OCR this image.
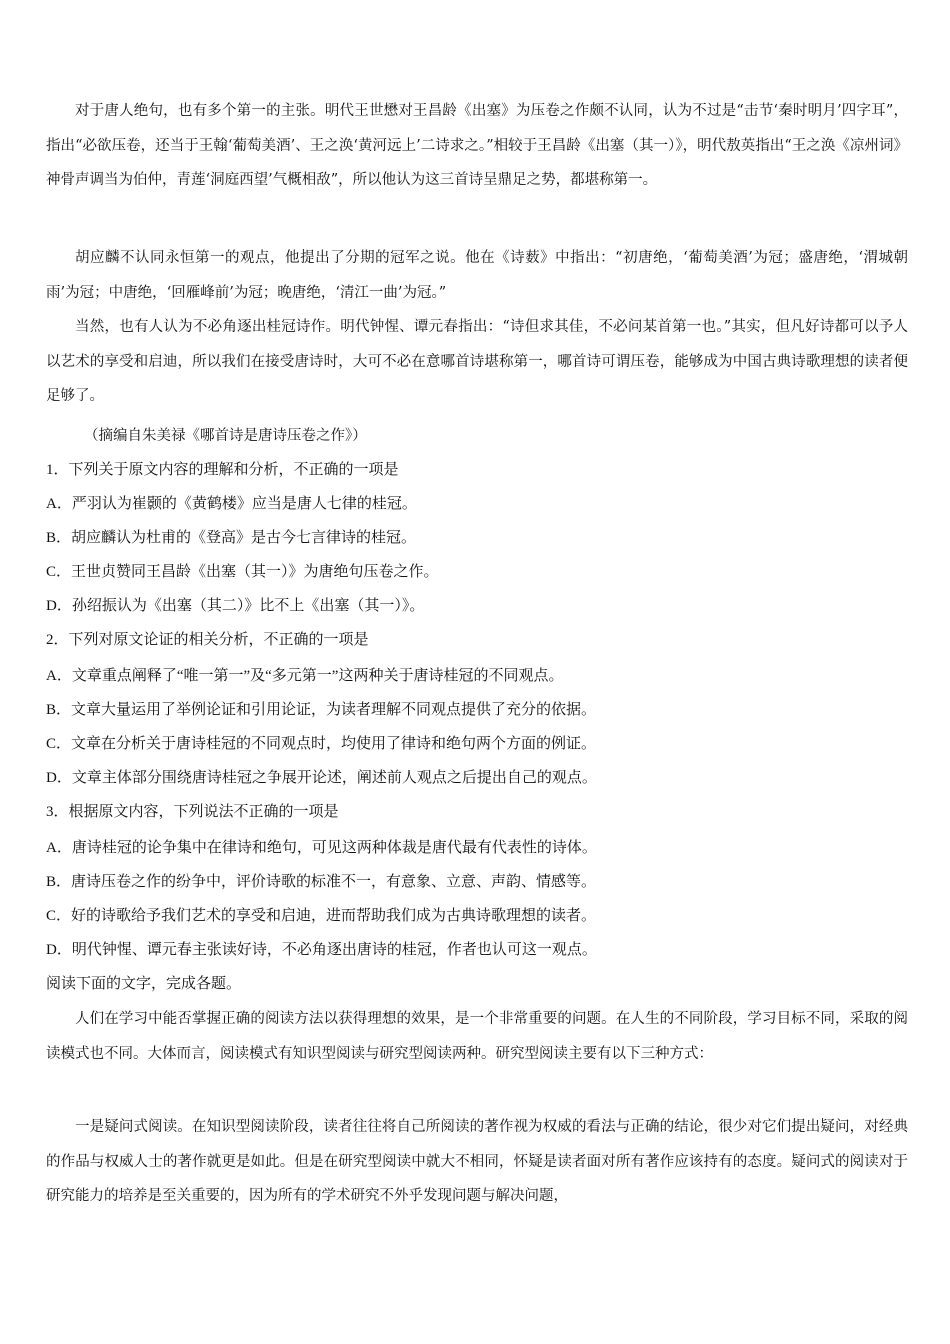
对于唐人绝句，也有多个第一的主张。明代王世懋对王昌龄《出塞》为压卷之作颇不认同，认为不过是“击节‘秦时明月’四字耳”，指出“必欲压卷，还当于王翰‘葡萄美酒’、王之涣‘黄河远上’二诗求之。”相较于王昌龄《出塞（其一）》，明代敖英指出“王之涣《凉州词》神骨声调当为伯仲，青莲‘洞庭西望’气概相敌”，所以他认为这三首诗呈鼎足之势，都堪称第一。

胡应麟不认同永恒第一的观点，他提出了分期的冠军之说。他在《诗薮》中指出：“初唐绝，‘葡萄美酒’为冠；盛唐绝，‘渭城朝雨’为冠；中唐绝，‘回雁峰前’为冠；晚唐绝，‘清江一曲’为冠。”

当然，也有人认为不必角逐出桂冠诗作。明代钟惺、谭元春指出：“诗但求其佳，不必问某首第一也。”其实，但凡好诗都可以予人以艺术的享受和启迪，所以我们在接受唐诗时，大可不必在意哪首诗堪称第一，哪首诗可谓压卷，能够成为中国古典诗歌理想的读者便足够了。

（摘编自朱美禄《哪首诗是唐诗压卷之作》）

1．下列关于原文内容的理解和分析，不正确的一项是

A．严羽认为崔颢的《黄鹤楼》应当是唐人七律的桂冠。

B．胡应麟认为杜甫的《登高》是古今七言律诗的桂冠。

C．王世贞赞同王昌龄《出塞（其一）》为唐绝句压卷之作。

D．孙绍振认为《出塞（其二）》比不上《出塞（其一）》。

2．下列对原文论证的相关分析，不正确的一项是

A．文章重点阐释了“唯一第一”及“多元第一”这两种关于唐诗桂冠的不同观点。

B．文章大量运用了举例论证和引用论证，为读者理解不同观点提供了充分的依据。

C．文章在分析关于唐诗桂冠的不同观点时，均使用了律诗和绝句两个方面的例证。

D．文章主体部分围绕唐诗桂冠之争展开论述，阐述前人观点之后提出自己的观点。

3．根据原文内容，下列说法不正确的一项是

A．唐诗桂冠的论争集中在律诗和绝句，可见这两种体裁是唐代最有代表性的诗体。

B．唐诗压卷之作的纷争中，评价诗歌的标准不一，有意象、立意、声韵、情感等。

C．好的诗歌给予我们艺术的享受和启迪，进而帮助我们成为古典诗歌理想的读者。

D．明代钟惺、谭元春主张读好诗，不必角逐出唐诗的桂冠，作者也认可这一观点。

阅读下面的文字，完成各题。

人们在学习中能否掌握正确的阅读方法以获得理想的效果，是一个非常重要的问题。在人生的不同阶段，学习目标不同，采取的阅读模式也不同。大体而言，阅读模式有知识型阅读与研究型阅读两种。研究型阅读主要有以下三种方式：

一是疑问式阅读。在知识型阅读阶段，读者往往将自己所阅读的著作视为权威的看法与正确的结论，很少对它们提出疑问，对经典的作品与权威人士的著作就更是如此。但是在研究型阅读中就大不相同，怀疑是读者面对所有著作应该持有的态度。疑问式的阅读对于研究能力的培养是至关重要的，因为所有的学术研究不外乎发现问题与解决问题，
